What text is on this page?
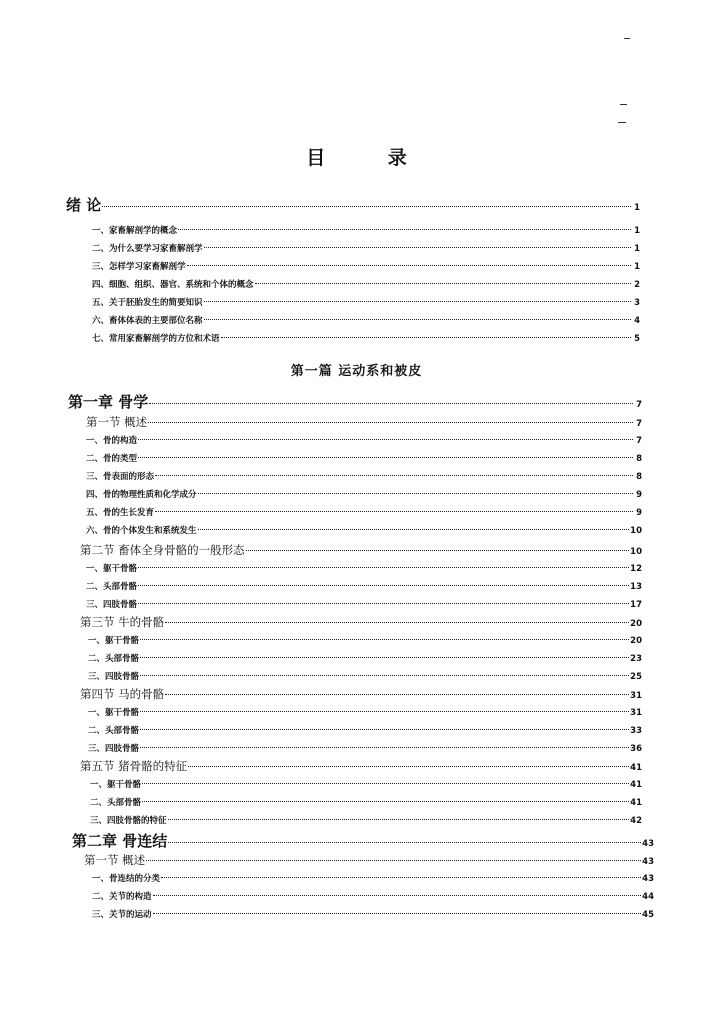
目 录
绪 论	1
一、家畜解剖学的概念	1
二、为什么要学习家畜解剖学	1
三、怎样学习家畜解剖学	1
四、细胞、组织、器官、系统和个体的概念	2
五、关于胚胎发生的简要知识	3
六、畜体体表的主要部位名称	4
七、常用家畜解剖学的方位和术语	5
第一篇 运动系和被皮
第一章 骨学	7
第一节 概述	7
一、骨的构造	7
二、骨的类型	8
三、骨表面的形态	8
四、骨的物理性质和化学成分	9
五、骨的生长发育	9
六、骨的个体发生和系统发生	10
第二节 畜体全身骨骼的一般形态	10
一、躯干骨骼	12
二、头部骨骼	13
三、四肢骨骼	17
第三节 牛的骨骼	20
一、躯干骨骼	20
二、头部骨骼	23
三、四肢骨骼	25
第四节 马的骨骼	31
一、躯干骨骼	31
二、头部骨骼	33
三、四肢骨骼	36
第五节 猪骨骼的特征	41
一、躯干骨骼	41
二、头部骨骼	41
三、四肢骨骼的特征	42
第二章 骨连结	43
第一节 概述	43
一、骨连结的分类	43
二、关节的构造	44
三、关节的运动	45
